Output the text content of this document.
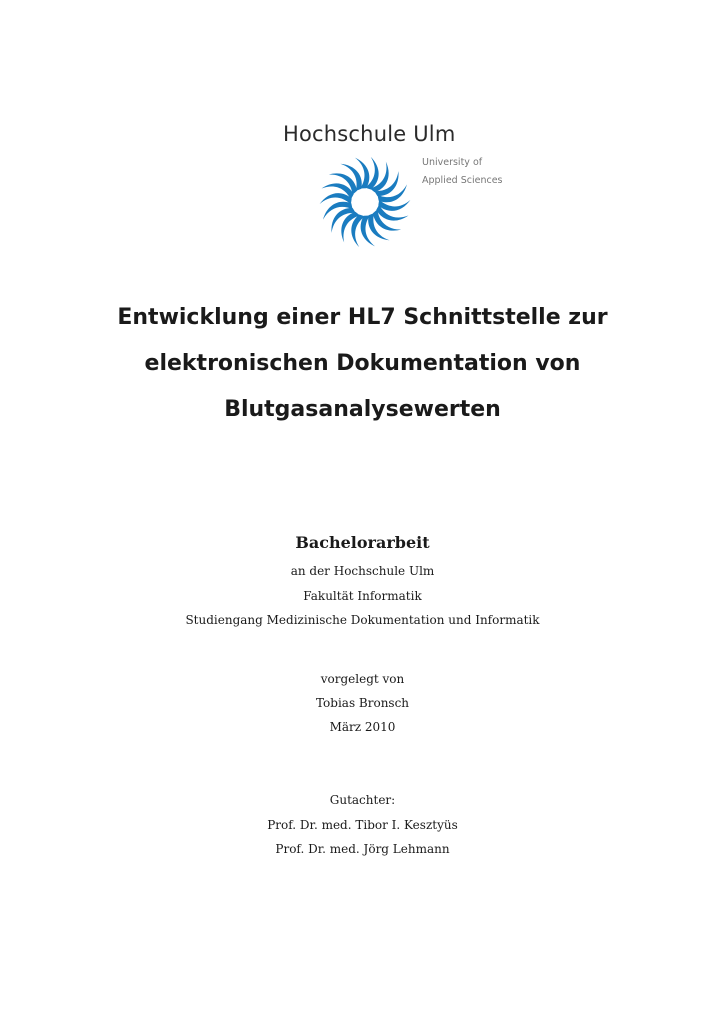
Hochschule Ulm
University of
Applied Sciences
Entwicklung einer HL7 Schnittstelle zur
elektronischen Dokumentation von
Blutgasanalysewerten
Bachelorarbeit
an der Hochschule Ulm
Fakultät Informatik
Studiengang Medizinische Dokumentation und Informatik
vorgelegt von
Tobias Bronsch
März 2010
Gutachter:
Prof. Dr. med. Tibor I. Kesztyüs
Prof. Dr. med. Jörg Lehmann
